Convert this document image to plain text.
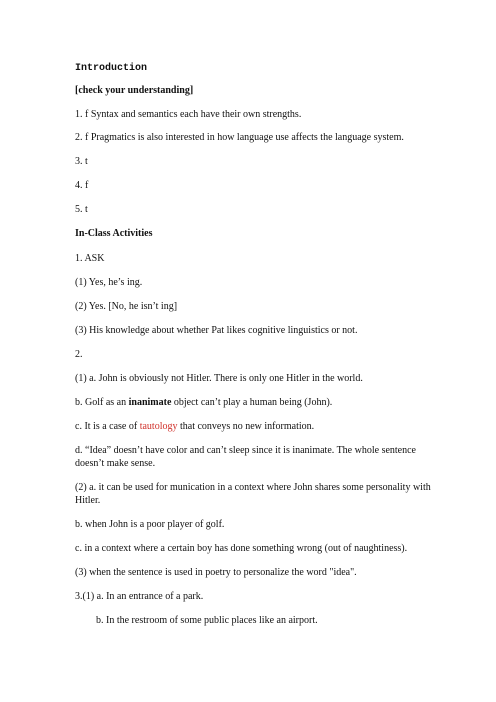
Introduction
[check your understanding]
1. f Syntax and semantics each have their own strengths.
2. f Pragmatics is also interested in how language use affects the language system.
3. t
4. f
5. t
In-Class Activities
1. ASK
(1) Yes, he’s ing.
(2) Yes. [No, he isn’t ing]
(3) His knowledge about whether Pat likes cognitive linguistics or not.
2.
(1) a. John is obviously not Hitler. There is only one Hitler in the world.
b. Golf as an inanimate object can’t play a human being (John).
c. It is a case of tautology that conveys no new information.
d. “Idea” doesn’t have color and can’t sleep since it is inanimate. The whole sentence doesn’t make sense.
(2) a. it can be used for munication in a context where John shares some personality with Hitler.
b. when John is a poor player of golf.
c. in a context where a certain boy has done something wrong (out of naughtiness).
(3) when the sentence is used in poetry to personalize the word "idea".
3.(1) a. In an entrance of a park.
b. In the restroom of some public places like an airport.
